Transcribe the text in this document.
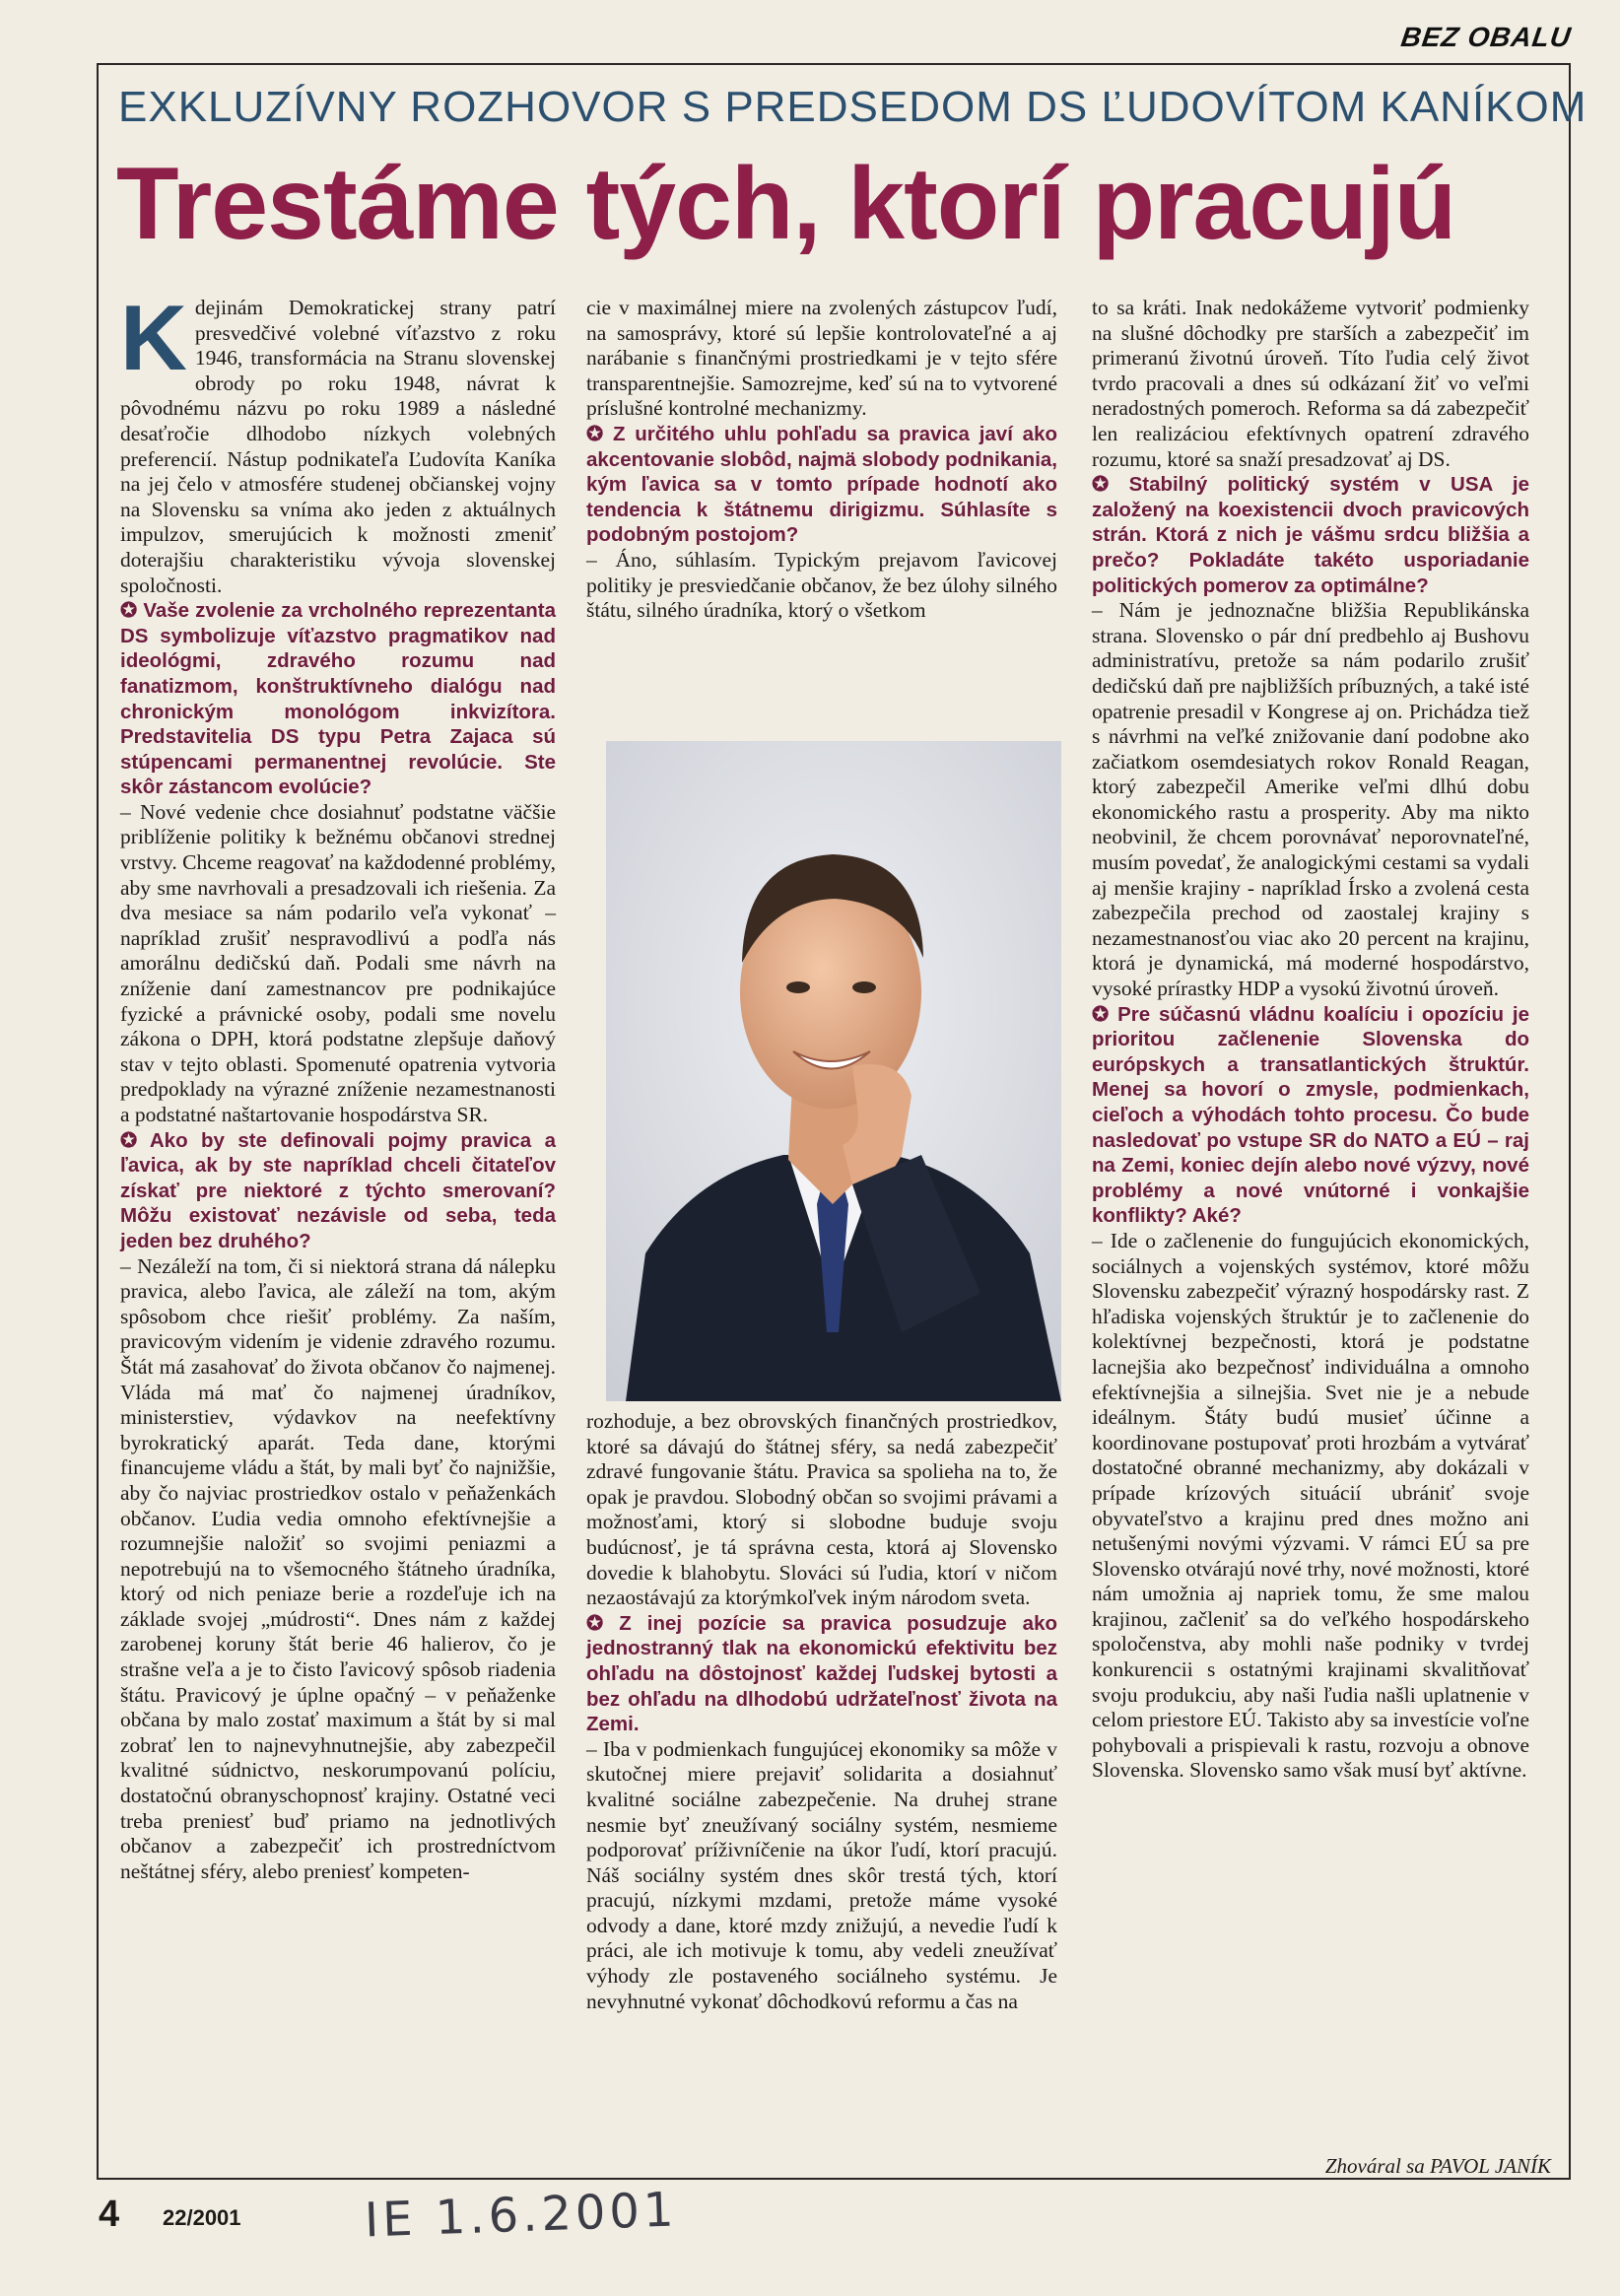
BEZ OBALU
EXKLUZÍVNY ROZHOVOR S PREDSEDOM DS ĽUDOVÍTOM KANÍKOM
Trestáme tých, ktorí pracujú

Kdejinám Demokratickej strany patrí presvedčivé volebné víťazstvo z roku 1946, transformácia na Stranu slovenskej obrody po roku 1948, návrat k pôvodnému názvu po roku 1989 a následné desaťročie dlhodobo nízkych volebných preferencií. Nástup podnikateľa Ľudovíta Kaníka na jej čelo v atmosfére studenej občianskej vojny na Slovensku sa vníma ako jeden z aktuálnych impulzov, smerujúcich k možnosti zmeniť doterajšiu charakteristiku vývoja slovenskej spoločnosti.

✪ Vaše zvolenie za vrcholného reprezentanta DS symbolizuje víťazstvo pragmatikov nad ideológmi, zdravého rozumu nad fanatizmom, konštruktívneho dialógu nad chronickým monológom inkvizítora. Predstavitelia DS typu Petra Zajaca sú stúpencami permanentnej revolúcie. Ste skôr zástancom evolúcie?

– Nové vedenie chce dosiahnuť podstatne väčšie priblíženie politiky k bežnému občanovi strednej vrstvy. Chceme reagovať na každodenné problémy, aby sme navrhovali a presadzovali ich riešenia. Za dva mesiace sa nám podarilo veľa vykonať – napríklad zrušiť nespravodlivú a podľa nás amorálnu dedičskú daň. Podali sme návrh na zníženie daní zamestnancov pre podnikajúce fyzické a právnické osoby, podali sme novelu zákona o DPH, ktorá podstatne zlepšuje daňový stav v tejto oblasti. Spomenuté opatrenia vytvoria predpoklady na výrazné zníženie nezamestnanosti a podstatné naštartovanie hospodárstva SR.

✪ Ako by ste definovali pojmy pravica a ľavica, ak by ste napríklad chceli čitateľov získať pre niektoré z týchto smerovaní? Môžu existovať nezávisle od seba, teda jeden bez druhého?

– Nezáleží na tom, či si niektorá strana dá nálepku pravica, alebo ľavica, ale záleží na tom, akým spôsobom chce riešiť problémy. Za naším, pravicovým videním je videnie zdravého rozumu. Štát má zasahovať do života občanov čo najmenej. Vláda má mať čo najmenej úradníkov, ministerstiev, výdavkov na neefektívny byrokratický aparát. Teda dane, ktorými financujeme vládu a štát, by mali byť čo najnižšie, aby čo najviac prostriedkov ostalo v peňaženkách občanov. Ľudia vedia omnoho efektívnejšie a rozumnejšie naložiť so svojimi peniazmi a nepotrebujú na to všemocného štátneho úradníka, ktorý od nich peniaze berie a rozdeľuje ich na základe svojej „múdrosti“. Dnes nám z každej zarobenej koruny štát berie 46 halierov, čo je strašne veľa a je to čisto ľavicový spôsob riadenia štátu. Pravicový je úplne opačný – v peňaženke občana by malo zostať maximum a štát by si mal zobrať len to najnevyhnutnejšie, aby zabezpečil kvalitné súdnictvo, neskorumpovanú políciu, dostatočnú obranyschopnosť krajiny. Ostatné veci treba preniesť buď priamo na jednotlivých občanov a zabezpečiť ich prostredníctvom neštátnej sféry, alebo preniesť kompeten-

cie v maximálnej miere na zvolených zástupcov ľudí, na samosprávy, ktoré sú lepšie kontrolovateľné a aj narábanie s finančnými prostriedkami je v tejto sfére transparentnejšie. Samozrejme, keď sú na to vytvorené príslušné kontrolné mechanizmy.

✪ Z určitého uhlu pohľadu sa pravica javí ako akcentovanie slobôd, najmä slobody podnikania, kým ľavica sa v tomto prípade hodnotí ako tendencia k štátnemu dirigizmu. Súhlasíte s podobným postojom?

– Áno, súhlasím. Typickým prejavom ľavicovej politiky je presviedčanie občanov, že bez úlohy silného štátu, silného úradníka, ktorý o všetkom

rozhoduje, a bez obrovských finančných prostriedkov, ktoré sa dávajú do štátnej sféry, sa nedá zabezpečiť zdravé fungovanie štátu. Pravica sa spolieha na to, že opak je pravdou. Slobodný občan so svojimi právami a možnosťami, ktorý si slobodne buduje svoju budúcnosť, je tá správna cesta, ktorá aj Slovensko dovedie k blahobytu. Slováci sú ľudia, ktorí v ničom nezaostávajú za ktorýmkoľvek iným národom sveta.

✪ Z inej pozície sa pravica posudzuje ako jednostranný tlak na ekonomickú efektivitu bez ohľadu na dôstojnosť každej ľudskej bytosti a bez ohľadu na dlhodobú udržateľnosť života na Zemi.

– Iba v podmienkach fungujúcej ekonomiky sa môže v skutočnej miere prejaviť solidarita a dosiahnuť kvalitné sociálne zabezpečenie. Na druhej strane nesmie byť zneužívaný sociálny systém, nesmieme podporovať príživníčenie na úkor ľudí, ktorí pracujú. Náš sociálny systém dnes skôr trestá tých, ktorí pracujú, nízkymi mzdami, pretože máme vysoké odvody a dane, ktoré mzdy znižujú, a nevedie ľudí k práci, ale ich motivuje k tomu, aby vedeli zneužívať výhody zle postaveného sociálneho systému. Je nevyhnutné vykonať dôchodkovú reformu a čas na

to sa kráti. Inak nedokážeme vytvoriť podmienky na slušné dôchodky pre starších a zabezpečiť im primeranú životnú úroveň. Títo ľudia celý život tvrdo pracovali a dnes sú odkázaní žiť vo veľmi neradostných pomeroch. Reforma sa dá zabezpečiť len realizáciou efektívnych opatrení zdravého rozumu, ktoré sa snaží presadzovať aj DS.

✪ Stabilný politický systém v USA je založený na koexistencii dvoch pravicových strán. Ktorá z nich je vášmu srdcu bližšia a prečo? Pokladáte takéto usporiadanie politických pomerov za optimálne?

– Nám je jednoznačne bližšia Republikánska strana. Slovensko o pár dní predbehlo aj Bushovu administratívu, pretože sa nám podarilo zrušiť dedičskú daň pre najbližších príbuzných, a také isté opatrenie presadil v Kongrese aj on. Prichádza tiež s návrhmi na veľké znižovanie daní podobne ako začiatkom osemdesiatych rokov Ronald Reagan, ktorý zabezpečil Amerike veľmi dlhú dobu ekonomického rastu a prosperity. Aby ma nikto neobvinil, že chcem porovnávať neporovnateľné, musím povedať, že analogickými cestami sa vydali aj menšie krajiny - napríklad Írsko a zvolená cesta zabezpečila prechod od zaostalej krajiny s nezamestnanosťou viac ako 20 percent na krajinu, ktorá je dynamická, má moderné hospodárstvo, vysoké prírastky HDP a vysokú životnú úroveň.

✪ Pre súčasnú vládnu koalíciu i opozíciu je prioritou začlenenie Slovenska do európskych a transatlantických štruktúr. Menej sa hovorí o zmysle, podmienkach, cieľoch a výhodách tohto procesu. Čo bude nasledovať po vstupe SR do NATO a EÚ – raj na Zemi, koniec dejín alebo nové výzvy, nové problémy a nové vnútorné i vonkajšie konflikty? Aké?

– Ide o začlenenie do fungujúcich ekonomických, sociálnych a vojenských systémov, ktoré môžu Slovensku zabezpečiť výrazný hospodársky rast. Z hľadiska vojenských štruktúr je to začlenenie do kolektívnej bezpečnosti, ktorá je podstatne lacnejšia ako bezpečnosť individuálna a omnoho efektívnejšia a silnejšia. Svet nie je a nebude ideálnym. Štáty budú musieť účinne a koordinovane postupovať proti hrozbám a vytvárať dostatočné obranné mechanizmy, aby dokázali v prípade krízových situácií ubrániť svoje obyvateľstvo a krajinu pred dnes možno ani netušenými novými výzvami. V rámci EÚ sa pre Slovensko otvárajú nové trhy, nové možnosti, ktoré nám umožnia aj napriek tomu, že sme malou krajinou, začleniť sa do veľkého hospodárskeho spoločenstva, aby mohli naše podniky v tvrdej konkurencii s ostatnými krajinami skvalitňovať svoju produkciu, aby naši ľudia našli uplatnenie v celom priestore EÚ. Takisto aby sa investície voľne pohybovali a prispievali k rastu, rozvoju a obnove Slovenska. Slovensko samo však musí byť aktívne.

Zhováral sa PAVOL JANÍK
4 22/2001	IE 1.6.2001
